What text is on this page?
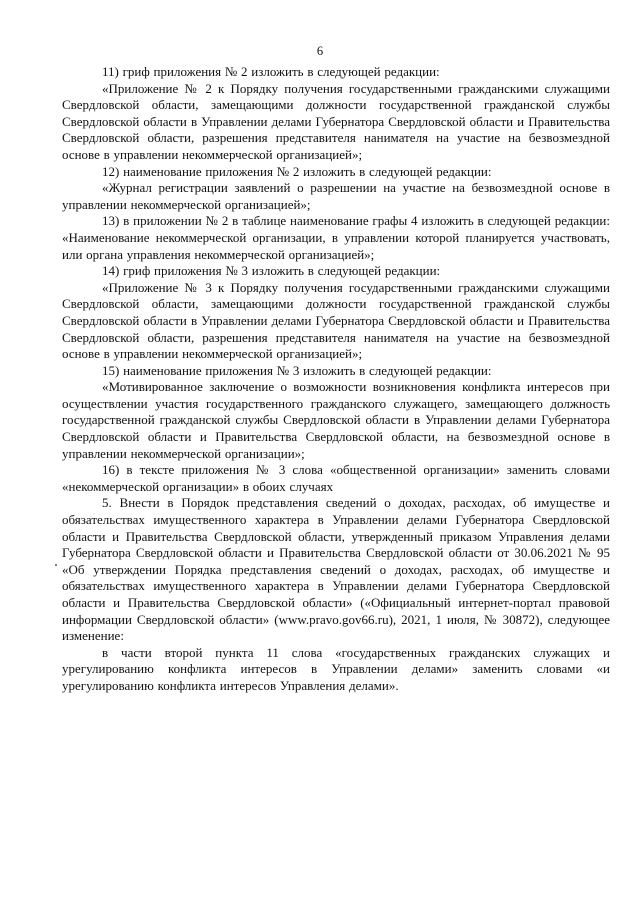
6

11) гриф приложения № 2 изложить в следующей редакции:

«Приложение № 2 к Порядку получения государственными гражданскими служащими Свердловской области, замещающими должности государственной гражданской службы Свердловской области в Управлении делами Губернатора Свердловской области и Правительства Свердловской области, разрешения представителя нанимателя на участие на безвозмездной основе в управлении некоммерческой организацией»;

12) наименование приложения № 2 изложить в следующей редакции:

«Журнал регистрации заявлений о разрешении на участие на безвозмездной основе в управлении некоммерческой организацией»;

13) в приложении № 2 в таблице наименование графы 4 изложить в следующей редакции: «Наименование некоммерческой организации, в управлении которой планируется участвовать, или органа управления некоммерческой организацией»;

14) гриф приложения № 3 изложить в следующей редакции:

«Приложение № 3 к Порядку получения государственными гражданскими служащими Свердловской области, замещающими должности государственной гражданской службы Свердловской области в Управлении делами Губернатора Свердловской области и Правительства Свердловской области, разрешения представителя нанимателя на участие на безвозмездной основе в управлении некоммерческой организацией»;

15) наименование приложения № 3 изложить в следующей редакции:

«Мотивированное заключение о возможности возникновения конфликта интересов при осуществлении участия государственного гражданского служащего, замещающего должность государственной гражданской службы Свердловской области в Управлении делами Губернатора Свердловской области и Правительства Свердловской области, на безвозмездной основе в управлении некоммерческой организации»;

16) в тексте приложения № 3 слова «общественной организации» заменить словами «некоммерческой организации» в обоих случаях

5. Внести в Порядок представления сведений о доходах, расходах, об имуществе и обязательствах имущественного характера в Управлении делами Губернатора Свердловской области и Правительства Свердловской области, утвержденный приказом Управления делами Губернатора Свердловской области и Правительства Свердловской области от 30.06.2021 № 95 «Об утверждении Порядка представления сведений о доходах, расходах, об имуществе и обязательствах имущественного характера в Управлении делами Губернатора Свердловской области и Правительства Свердловской области» («Официальный интернет-портал правовой информации Свердловской области» (www.pravo.gov66.ru), 2021, 1 июля, № 30872), следующее изменение:

в части второй пункта 11 слова «государственных гражданских служащих и урегулированию конфликта интересов в Управлении делами» заменить словами «и урегулированию конфликта интересов Управления делами».
